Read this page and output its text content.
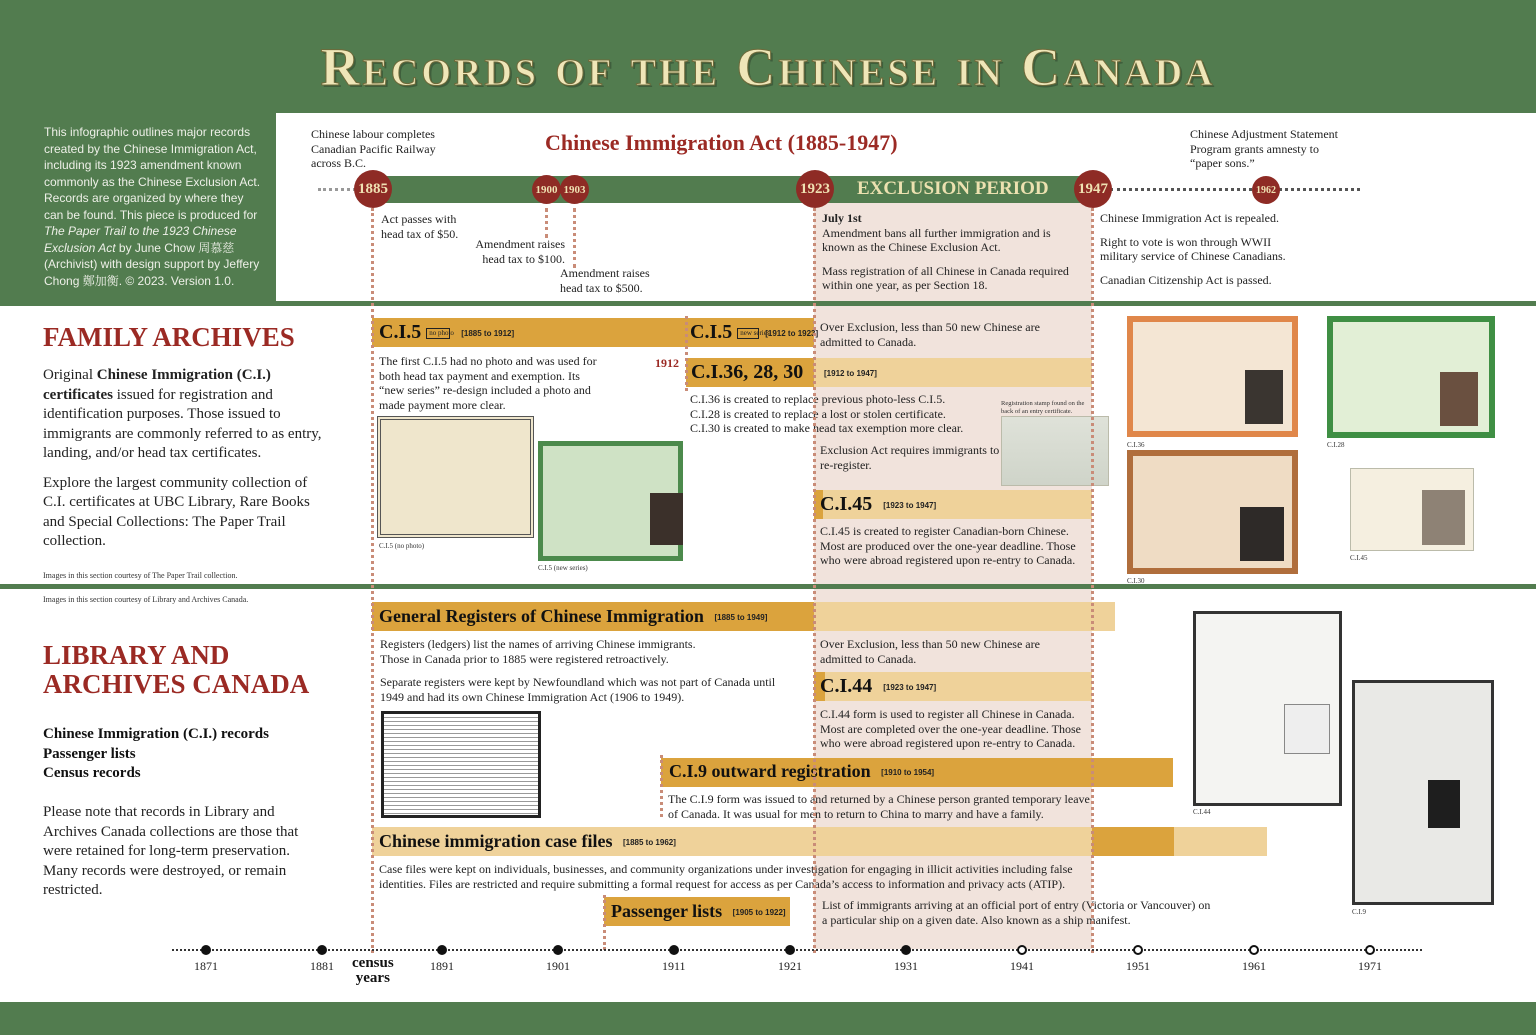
Records of the Chinese in Canada
This infographic outlines major records created by the Chinese Immigration Act, including its 1923 amendment known commonly as the Chinese Exclusion Act. Records are organized by where they can be found. This piece is produced for The Paper Trail to the 1923 Chinese Exclusion Act by June Chow 周慕慈 (Archivist) with design support by Jeffery Chong 鄭加衡. © 2023. Version 1.0.
Chinese labour completes Canadian Pacific Railway across B.C.
Chinese Immigration Act (1885-1947)	Chinese Adjustment Statement Program grants amnesty to “paper sons.”
EXCLUSION PERIOD
1885	1900 1903	1923	1947	1962
Act passes with head tax of $50.
Amendment raises head tax to $100.
Amendment raises head tax to $500.
July 1st
Amendment bans all further immigration and is known as the Chinese Exclusion Act.
Mass registration of all Chinese in Canada required within one year, as per Section 18.
Chinese Immigration Act is repealed.
Right to vote is won through WWII military service of Chinese Canadians.
Canadian Citizenship Act is passed.
FAMILY ARCHIVES
Original Chinese Immigration (C.I.) certificates issued for registration and identification purposes. Those issued to immigrants are commonly referred to as entry, landing, and/or head tax certificates.
Explore the largest community collection of C.I. certificates at UBC Library, Rare Books and Special Collections: The Paper Trail collection.
Images in this section courtesy of The Paper Trail collection.
C.I.5 no photo [1885 to 1912]	C.I.5 new series [1912 to 1923]
The first C.I.5 had no photo and was used for both head tax payment and exemption. Its “new series” re-design included a photo and made payment more clear.
1912 C.I.36, 28, 30	[1912 to 1947]
C.I.36 is created to replace previous photo-less C.I.5.
C.I.28 is created to replace a lost or stolen certificate.
C.I.30 is created to make head tax exemption more clear.
Over Exclusion, less than 50 new Chinese are admitted to Canada.
Exclusion Act requires immigrants to re-register.
Registration stamp found on the back of an entry certificate.
C.I.45 [1923 to 1947]
C.I.45 is created to register Canadian-born Chinese. Most are produced over the one-year deadline. Those who were abroad registered upon re-entry to Canada.
C.I.5 (no photo)
C.I.5 (new series)
C.I.36	C.I.28
C.I.30
C.I.45
Images in this section courtesy of Library and Archives Canada.
LIBRARY AND
ARCHIVES CANADA
Chinese Immigration (C.I.) records
Passenger lists
Census records
Please note that records in Library and Archives Canada collections are those that were retained for long-term preservation. Many records were destroyed, or remain restricted.
General Registers of Chinese Immigration [1885 to 1949]
Registers (ledgers) list the names of arriving Chinese immigrants. Those in Canada prior to 1885 were registered retroactively.
Separate registers were kept by Newfoundland which was not part of Canada until 1949 and had its own Chinese Immigration Act (1906 to 1949).
Over Exclusion, less than 50 new Chinese are admitted to Canada.
C.I.44 [1923 to 1947]
C.I.44 form is used to register all Chinese in Canada. Most are completed over the one-year deadline. Those who were abroad registered upon re-entry to Canada.
C.I.9 outward registration [1910 to 1954]
The C.I.9 form was issued to and returned by a Chinese person granted temporary leave of Canada. It was usual for men to return to China to marry and have a family.
Chinese immigration case files [1885 to 1962]
Case files were kept on individuals, businesses, and community organizations under investigation for engaging in illicit activities including false identities. Files are restricted and require submitting a formal request for access as per Canada’s access to information and privacy acts (ATIP).
Passenger lists [1905 to 1922]
List of immigrants arriving at an official port of entry (Victoria or Vancouver) on a particular ship on a given date. Also known as a ship manifest.
C.I.44
C.I.9
census
years
1871	1881	1891	1901	1911	1921	1931	1941	1951	1961	1971
